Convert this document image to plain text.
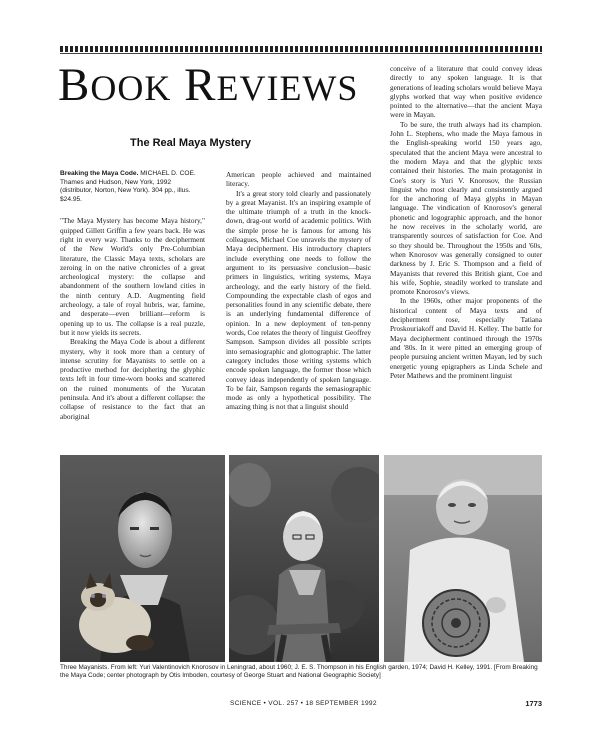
BOOK REVIEWS
The Real Maya Mystery
Breaking the Maya Code. MICHAEL D. COE. Thames and Hudson, New York, 1992 (distributor, Norton, New York). 304 pp., illus. $24.95.

"The Maya Mystery has become Maya history," quipped Gillett Griffin a few years back. He was right in every way. Thanks to the decipherment of the New World's only Pre-Columbian literature, the Classic Maya texts, scholars are zeroing in on the native chronicles of a great archeological mystery: the collapse and abandonment of the southern lowland cities in the ninth century A.D. Augmenting field archeology, a tale of royal hubris, war, famine, and desperate—even brilliant—reform is opening up to us. The collapse is a real puzzle, but it now yields its secrets.

Breaking the Maya Code is about a different mystery, why it took more than a century of intense scrutiny for Mayanists to settle on a productive method for deciphering the glyphic texts left in four time-worn books and scattered on the ruined monuments of the Yucatan peninsula. And it's about a different collapse: the collapse of resistance to the fact that an aboriginal

American people achieved and maintained literacy.

It's a great story told clearly and passionately by a great Mayanist. It's an inspiring example of the ultimate triumph of a truth in the knock-down, drag-out world of academic politics. With the simple prose he is famous for among his colleagues, Michael Coe unravels the mystery of Maya decipherment. His introductory chapters include everything one needs to follow the argument to its persuasive conclusion—basic primers in linguistics, writing systems, Maya archeology, and the early history of the field. Compounding the expectable clash of egos and personalities found in any scientific debate, there is an underlying fundamental difference of opinion. In a new deployment of ten-penny words, Coe relates the theory of linguist Geoffrey Sampson. Sampson divides all possible scripts into semasiographic and glottographic. The latter category includes those writing systems which encode spoken language, the former those which convey ideas independently of spoken language. To be fair, Sampson regards the semasiographic mode as only a hypothetical possibility. The amazing thing is not that a linguist should

conceive of a literature that could convey ideas directly to any spoken language. It is that generations of leading scholars would believe Maya glyphs worked that way when positive evidence pointed to the alternative—that the ancient Maya were in Mayan.

To be sure, the truth always had its champion. John L. Stephens, who made the Maya famous in the English-speaking world 150 years ago, speculated that the ancient Maya were ancestral to the modern Maya and that the glyphic texts contained their histories. The main protagonist in Coe's story is Yuri V. Knorosov, the Russian linguist who most clearly and consistently argued for the anchoring of Maya glyphs in Mayan language. The vindication of Knorosov's general phonetic and logographic approach, and the honor he now receives in the scholarly world, are transparently sources of satisfaction for Coe. And so they should be. Throughout the 1950s and '60s, when Knorosov was generally consigned to outer darkness by J. Eric S. Thompson and a field of Mayanists that revered this British giant, Coe and his wife, Sophie, steadily worked to translate and promote Knorosov's views.

In the 1960s, other major proponents of the historical content of Maya texts and of decipherment rose, especially Tatiana Proskouriakoff and David H. Kelley. The battle for Maya decipherment continued through the 1970s and '80s. In it were pitted an emerging group of people pursuing ancient written Mayan, led by such energetic young epigraphers as Linda Schele and Peter Mathews and the prominent linguist

Three Mayanists. From left: Yuri Valentinovich Knorosov in Leningrad, about 1960; J. E. S. Thompson in his English garden, 1974; David H. Kelley, 1991. [From Breaking the Maya Code; center photograph by Otis Imboden, courtesy of George Stuart and National Geographic Society]

SCIENCE • VOL. 257 • 18 SEPTEMBER 1992	1773
